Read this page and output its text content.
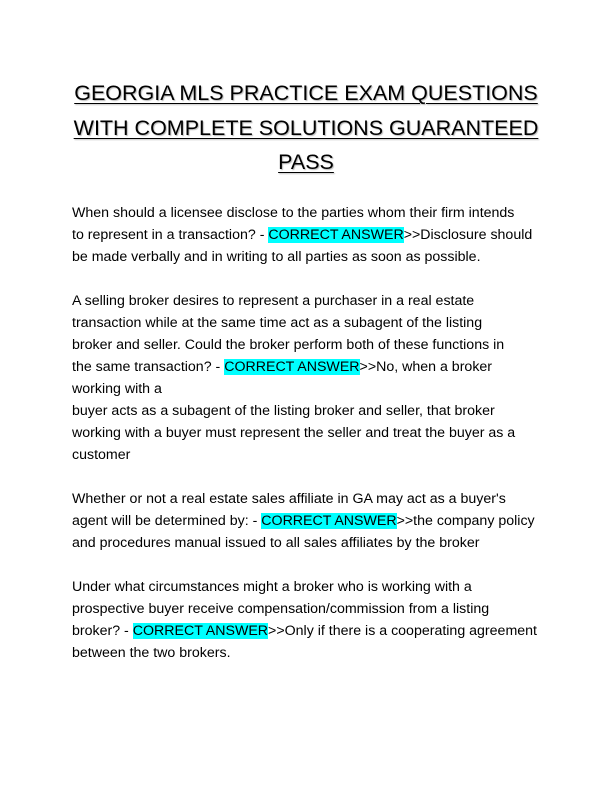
GEORGIA MLS PRACTICE EXAM QUESTIONS
WITH COMPLETE SOLUTIONS GUARANTEED
PASS
When should a licensee disclose to the parties whom their firm intends
to represent in a transaction? - CORRECT ANSWER>>Disclosure should
be made verbally and in writing to all parties as soon as possible.
A selling broker desires to represent a purchaser in a real estate
transaction while at the same time act as a subagent of the listing
broker and seller. Could the broker perform both of these functions in
the same transaction? - CORRECT ANSWER>>No, when a broker
working with a
buyer acts as a subagent of the listing broker and seller, that broker
working with a buyer must represent the seller and treat the buyer as a
customer
Whether or not a real estate sales affiliate in GA may act as a buyer's
agent will be determined by: - CORRECT ANSWER>>the company policy
and procedures manual issued to all sales affiliates by the broker
Under what circumstances might a broker who is working with a
prospective buyer receive compensation/commission from a listing
broker? - CORRECT ANSWER>>Only if there is a cooperating agreement
between the two brokers.
